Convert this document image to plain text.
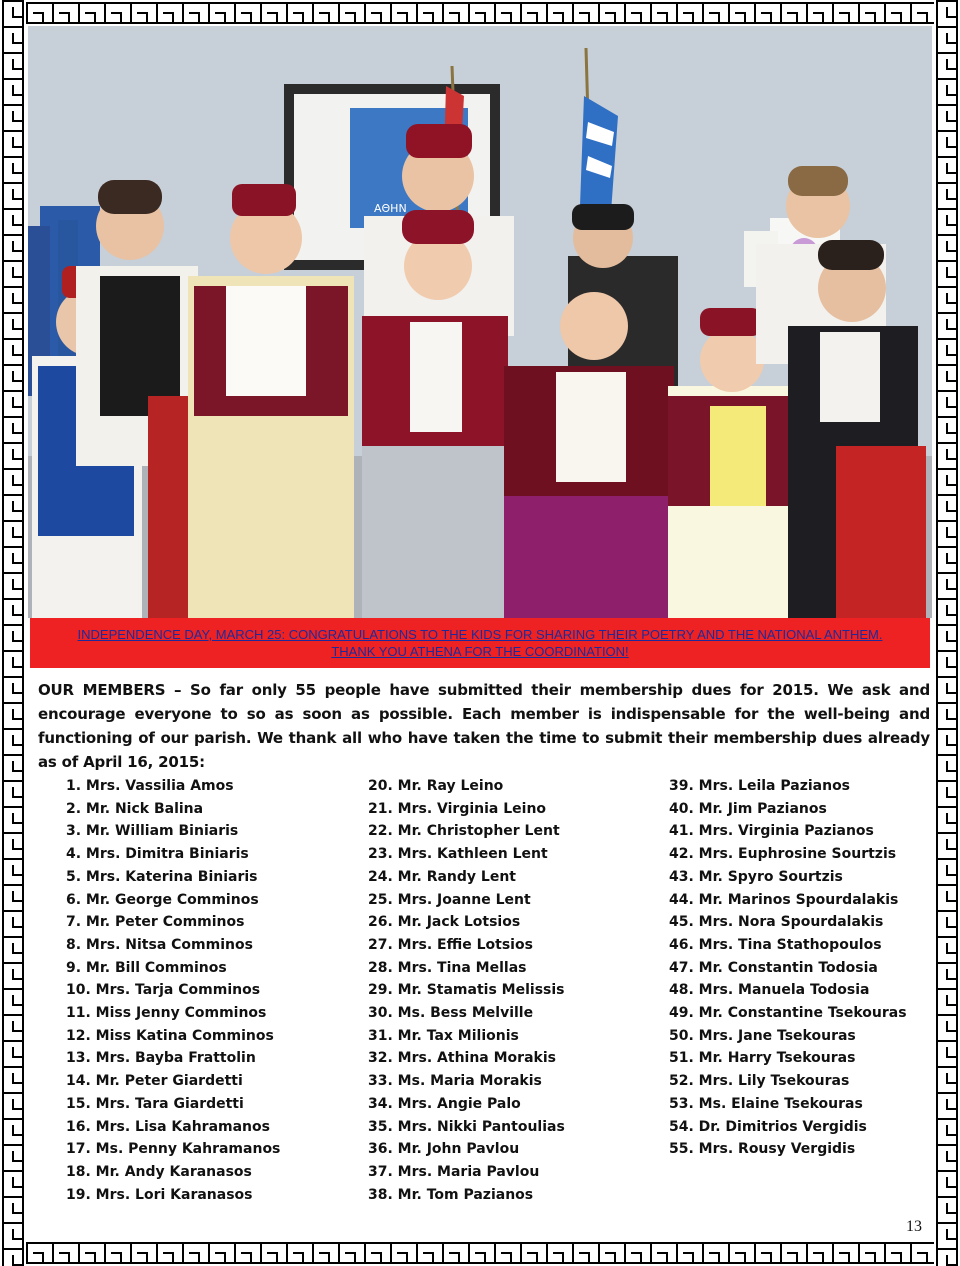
ΑΘΗΝ
INDEPENDENCE DAY, MARCH 25: CONGRATULATIONS TO THE KIDS FOR SHARING THEIR POETRY AND THE NATIONAL ANTHEM.
THANK YOU ATHENA FOR THE COORDINATION!
OUR MEMBERS – So far only 55 people have submitted their membership dues for 2015. We ask and encourage everyone to so as soon as possible. Each member is indispensable for the well-being and functioning of our parish. We thank all who have taken the time to submit their membership dues already as of April 16, 2015:
1. Mrs. Vassilia Amos
2. Mr. Nick Balina
3. Mr. William Biniaris
4. Mrs. Dimitra Biniaris
5. Mrs. Katerina Biniaris
6. Mr. George Comminos
7. Mr. Peter Comminos
8. Mrs. Nitsa Comminos
9. Mr. Bill Comminos
10. Mrs. Tarja Comminos
11. Miss Jenny Comminos
12. Miss Katina Comminos
13. Mrs. Bayba Frattolin
14. Mr. Peter Giardetti
15. Mrs. Tara Giardetti
16. Mrs. Lisa Kahramanos
17. Ms. Penny Kahramanos
18. Mr. Andy Karanasos
19. Mrs. Lori Karanasos
20. Mr. Ray Leino
21. Mrs. Virginia Leino
22. Mr. Christopher Lent
23. Mrs. Kathleen Lent
24. Mr. Randy Lent
25. Mrs. Joanne Lent
26. Mr. Jack Lotsios
27. Mrs. Effie Lotsios
28. Mrs. Tina Mellas
29. Mr. Stamatis Melissis
30. Ms. Bess Melville
31. Mr. Tax Milionis
32. Mrs. Athina Morakis
33. Ms. Maria Morakis
34. Mrs. Angie Palo
35. Mrs. Nikki Pantoulias
36. Mr. John Pavlou
37. Mrs. Maria Pavlou
38. Mr. Tom Pazianos
39. Mrs. Leila Pazianos
40. Mr. Jim Pazianos
41. Mrs. Virginia Pazianos
42. Mrs. Euphrosine Sourtzis
43. Mr. Spyro Sourtzis
44. Mr. Marinos Spourdalakis
45. Mrs. Nora Spourdalakis
46. Mrs. Tina Stathopoulos
47. Mr. Constantin Todosia
48. Mrs. Manuela Todosia
49. Mr. Constantine Tsekouras
50. Mrs. Jane Tsekouras
51. Mr. Harry Tsekouras
52. Mrs. Lily Tsekouras
53. Ms. Elaine Tsekouras
54. Dr. Dimitrios Vergidis
55. Mrs. Rousy Vergidis
13
